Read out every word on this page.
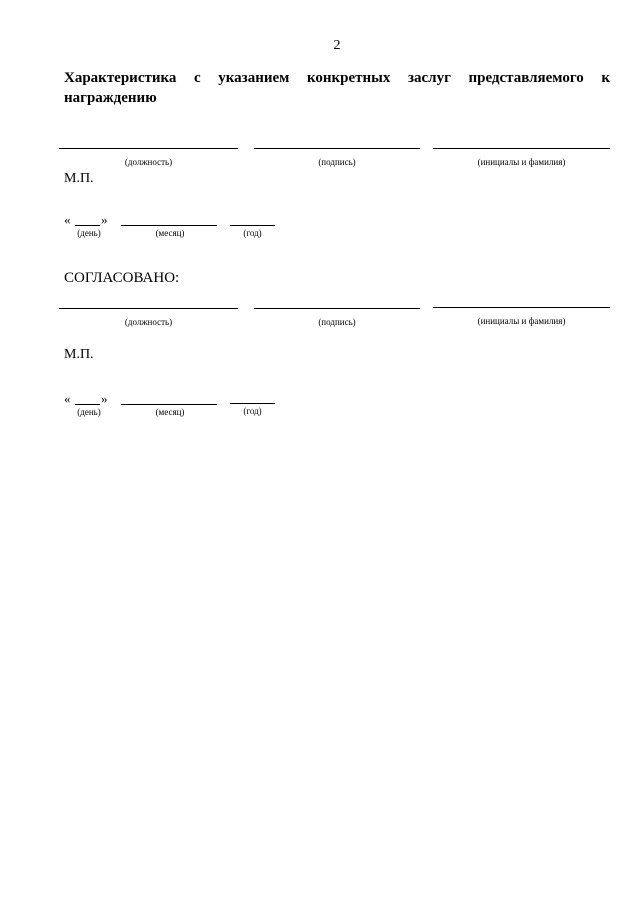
2
Характеристика с указанием конкретных заслуг представляемого к
награждению
(должность)	(подпись)	(инициалы и фамилия)
М.П.
« »
(день)	(месяц)	(год)
СОГЛАСОВАНО:
(должность)	(подпись)	(инициалы и фамилия)
М.П.
« »
(день)	(месяц)	(год)
